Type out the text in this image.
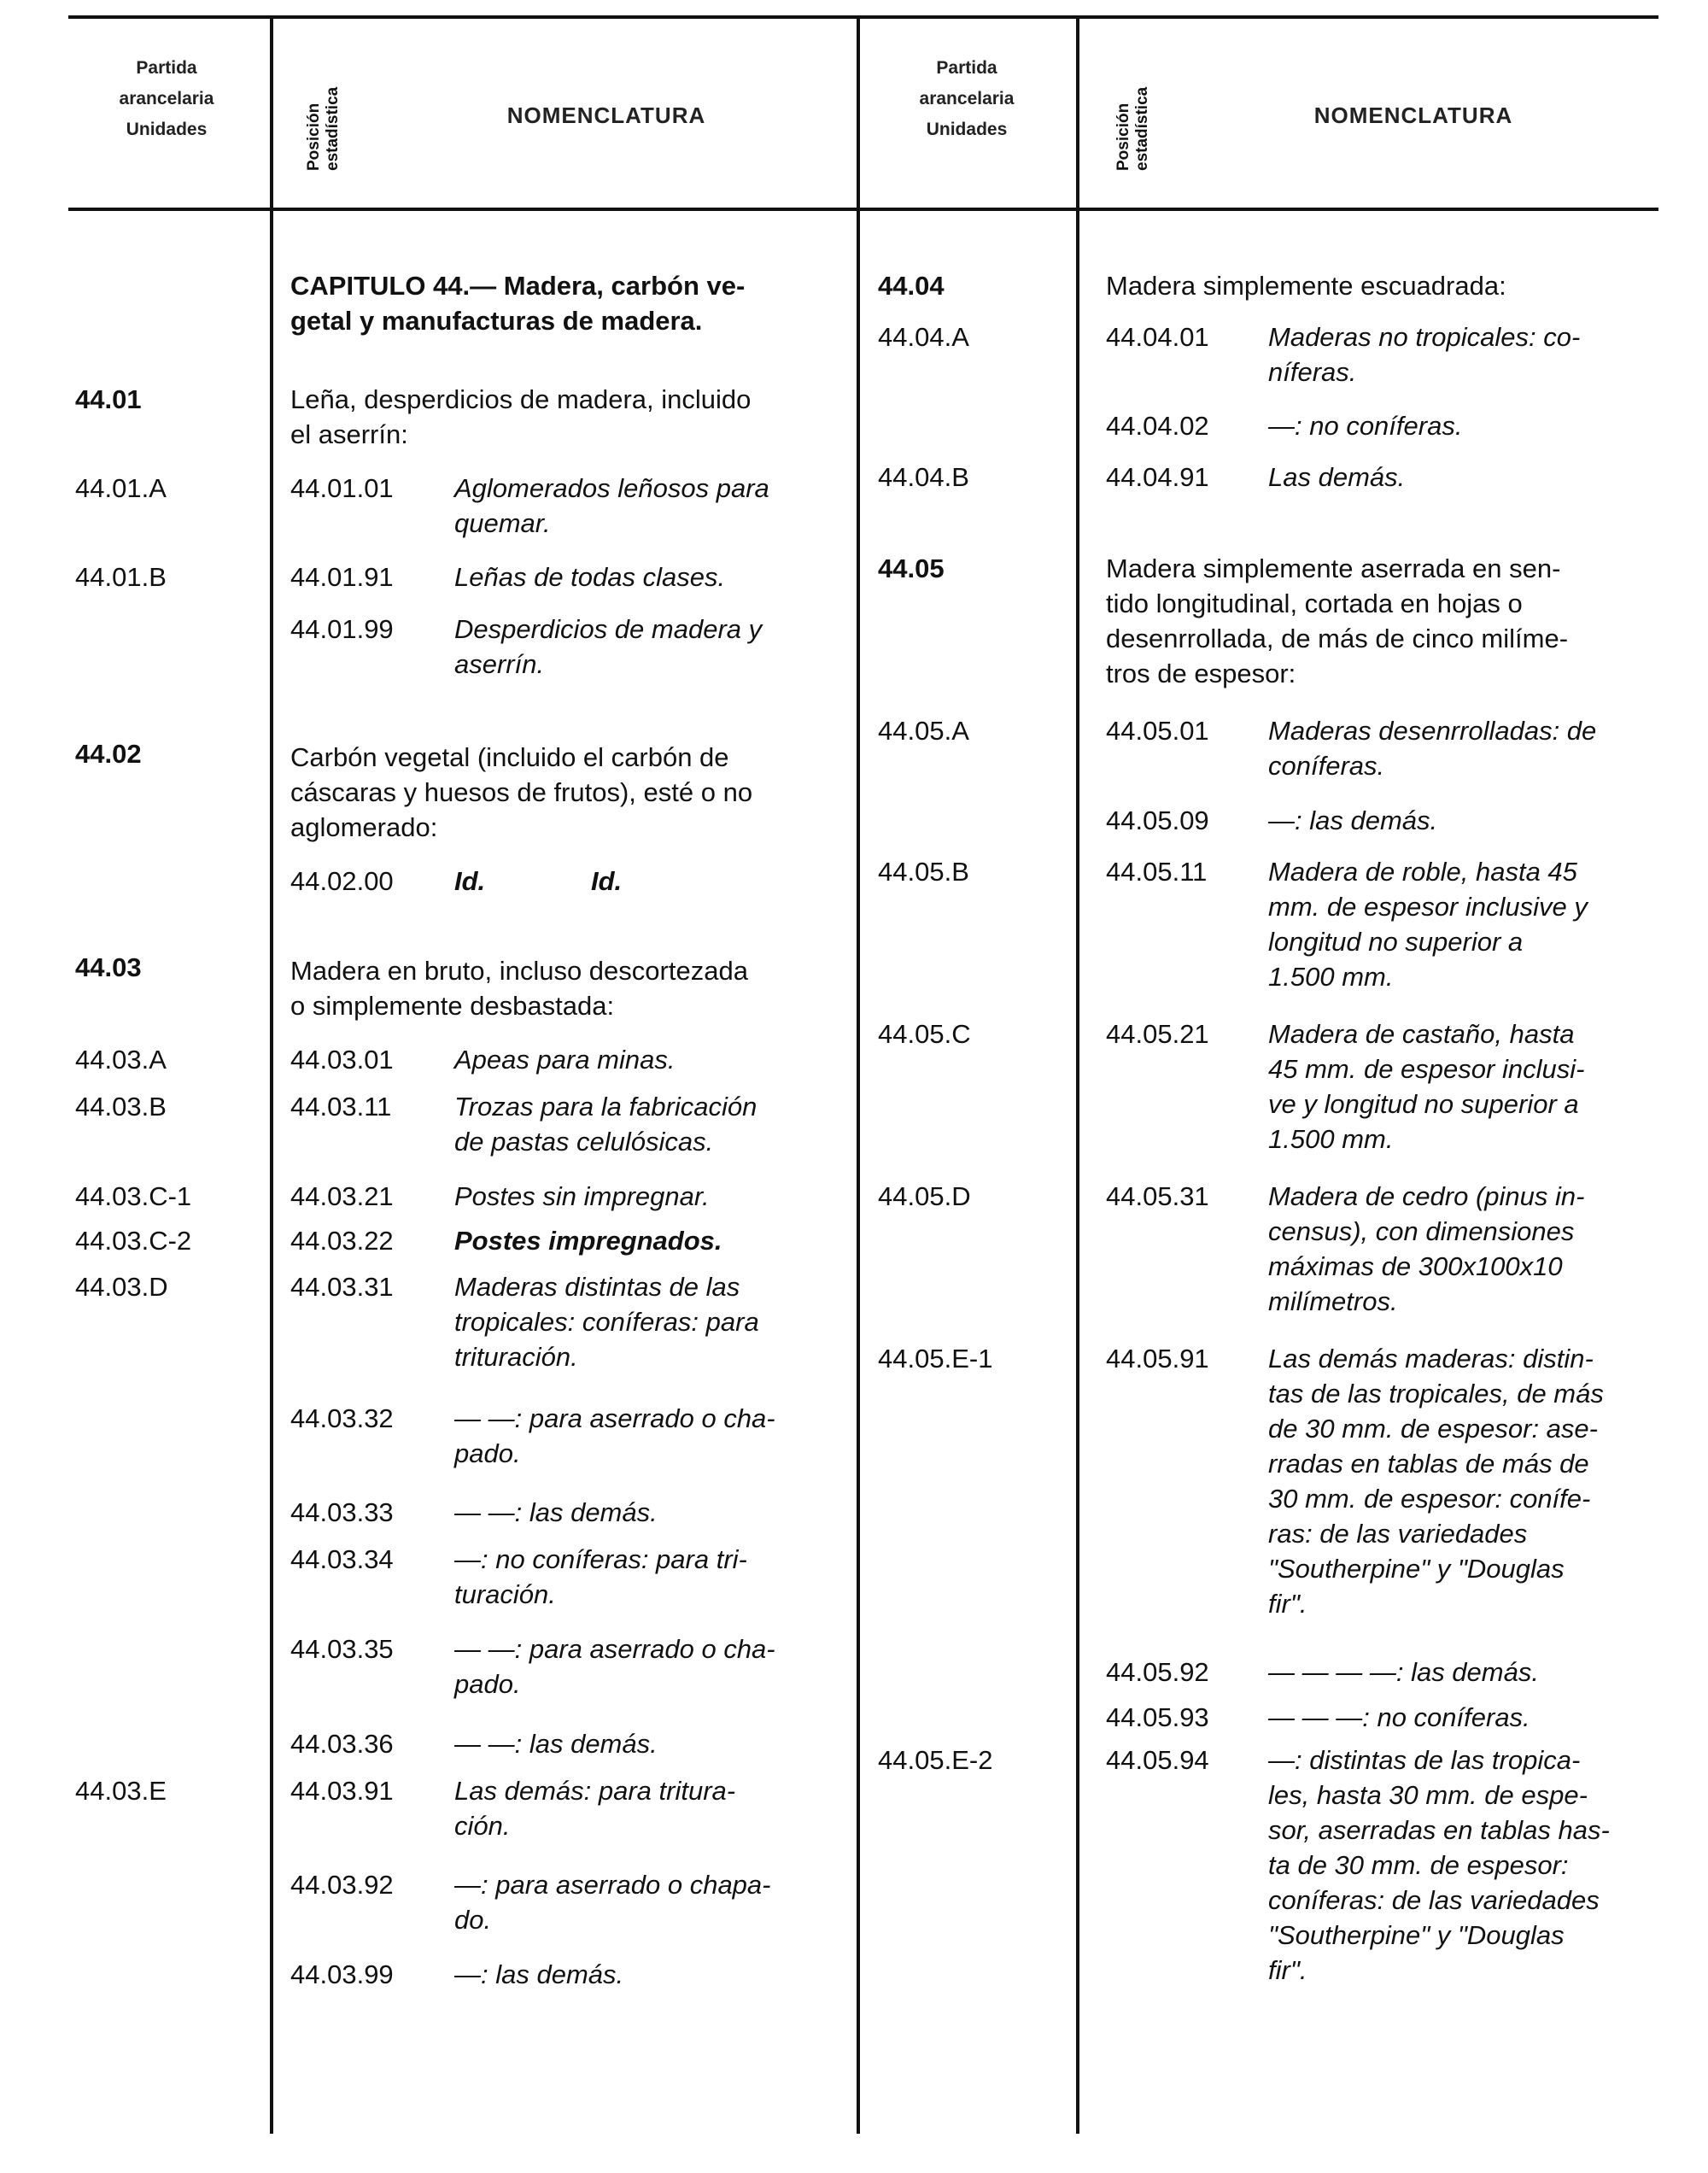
Partida
arancelaria
Unidades	Posición estadística	NOMENCLATURA
Partida
arancelaria
Unidades	Posición estadística	NOMENCLATURA
CAPITULO 44.— Madera, carbón ve-
getal y manufacturas de madera.
44.01	Leña, desperdicios de madera, incluido
el aserrín:
44.01.A	44.01.01 Aglomerados leñosos para
quemar.
44.01.B	44.01.91 Leñas de todas clases.
44.01.99 Desperdicios de madera y
aserrín.
44.02	Carbón vegetal (incluido el carbón de
cáscaras y huesos de frutos), esté o no
aglomerado:
44.02.00 Id.	Id.
44.03	Madera en bruto, incluso descortezada
o simplemente desbastada:
44.03.A	44.03.01 Apeas para minas.
44.03.B	44.03.11 Trozas para la fabricación
de pastas celulósicas.
44.03.C-1	44.03.21 Postes sin impregnar.
44.03.C-2	44.03.22 Postes impregnados.
44.03.D	44.03.31 Maderas distintas de las
tropicales: coníferas: para
trituración.
44.03.32 — —: para aserrado o cha-
pado.
44.03.33 — —: las demás.
44.03.34 —: no coníferas: para tri-
turación.
44.03.35 — —: para aserrado o cha-
pado.
44.03.36 — —: las demás.
44.03.E	44.03.91 Las demás: para tritura-
ción.
44.03.92 —: para aserrado o chapa-
do.
44.03.99 —: las demás.
44.04	Madera simplemente escuadrada:
44.04.A	44.04.01 Maderas no tropicales: co-
níferas.
44.04.02 —: no coníferas.
44.04.B	44.04.91 Las demás.
44.05	Madera simplemente aserrada en sen-
tido longitudinal, cortada en hojas o
desenrrollada, de más de cinco milíme-
tros de espesor:
44.05.A	44.05.01 Maderas desenrrolladas: de
coníferas.
44.05.09 —: las demás.
44.05.B	44.05.11 Madera de roble, hasta 45
mm. de espesor inclusive y
longitud no superior a
1.500 mm.
44.05.C	44.05.21 Madera de castaño, hasta
45 mm. de espesor inclusi-
ve y longitud no superior a
1.500 mm.
44.05.D	44.05.31 Madera de cedro (pinus in-
census), con dimensiones
máximas de 300x100x10
milímetros.
44.05.E-1	44.05.91 Las demás maderas: distin-
tas de las tropicales, de más
de 30 mm. de espesor: ase-
rradas en tablas de más de
30 mm. de espesor: conífe-
ras: de las variedades
"Southerpine" y "Douglas
fir".
44.05.92 — — — —: las demás.
44.05.93 — — —: no coníferas.
44.05.E-2	44.05.94 —: distintas de las tropica-
les, hasta 30 mm. de espe-
sor, aserradas en tablas has-
ta de 30 mm. de espesor:
coníferas: de las variedades
"Southerpine" y "Douglas
fir".
